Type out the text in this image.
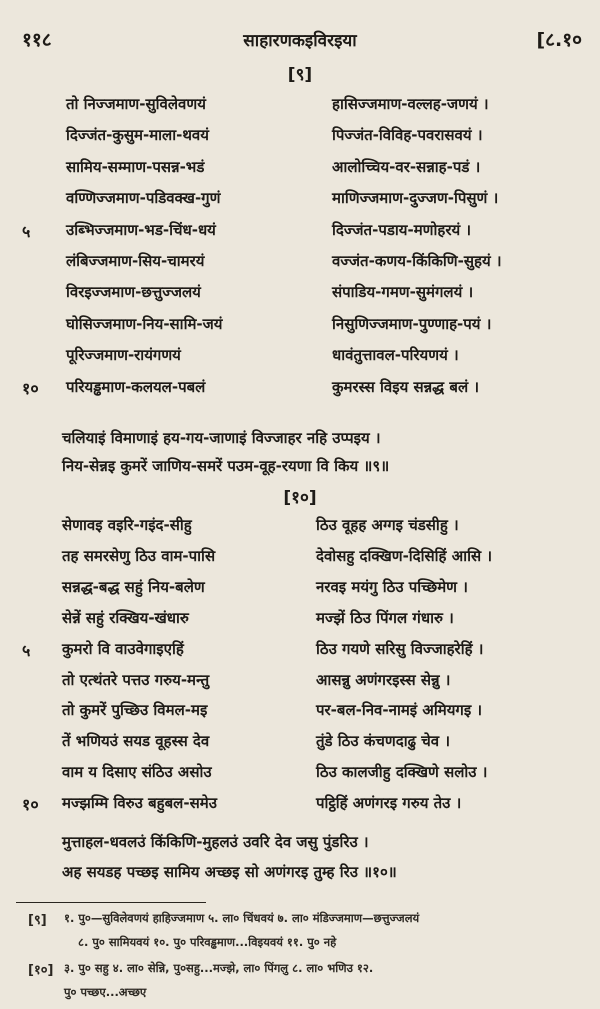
११८	साहारणकइविरइया	[८.१०
[९]
तो निज्जमाण-सुविलेवणयं	हासिज्जमाण-वल्लह-जणयं ।
दिज्जंत-कुसुम-माला-थवयं	पिज्जंत-विविह-पवरासवयं ।
सामिय-सम्माण-पसन्न-भडं	आलोच्चिय-वर-सन्नाह-पडं ।
वण्णिज्जमाण-पडिवक्ख-गुणं	माणिज्जमाण-दुज्जण-पिसुणं ।
५ उब्भिज्जमाण-भड-चिंध-धयं	दिज्जंत-पडाय-मणोहरयं ।
लंबिज्जमाण-सिय-चामरयं	वज्जंत-कणय-किंकिणि-सुहयं ।
विरइज्जमाण-छत्तुज्जलयं	संपाडिय-गमण-सुमंगलयं ।
घोसिज्जमाण-निय-सामि-जयं	निसुणिज्जमाण-पुण्णाह-पयं ।
पूरिज्जमाण-रायंगणयं	धावंतुत्तावल-परियणयं ।
१० परियड्ढमाण-कलयल-पबलं	कुमरस्स विइय सन्नद्ध बलं ।
चलियाइं विमाणाइं हय-गय-जाणाइं विज्जाहर नहि उप्पइय ।
निय-सेन्नइ कुमरें जाणिय-समरें पउम-वूह-रयणा वि किय ॥९॥
[१०]
सेणावइ वइरि-गइंद-सीहु	ठिउ वूहह अग्गइ चंडसीहु ।
तह समरसेणु ठिउ वाम-पासि	देवोसहु दक्खिण-दिसिहिं आसि ।
सन्नद्ध-बद्ध सहुं निय-बलेण	नरवइ मयंगु ठिउ पच्छिमेण ।
सेन्नें सहुं रक्खिय-खंधारु	मज्झें ठिउ पिंगल गंधारु ।
५ कुमरो वि वाउवेगाइएहिं	ठिउ गयणे सरिसु विज्जाहरेहिं ।
तो एत्थंतरे पत्तउ गरुय-मन्तु	आसन्नु अणंगरइस्स सेन्नु ।
तो कुमरें पुच्छिउ विमल-मइ	पर-बल-निव-नामइं अमियगइ ।
तें भणियउं सयड वूहस्स देव	तुंडे ठिउ कंचणदाढु चेव ।
वाम य दिसाए संठिउ असोउ	ठिउ कालजीहु दक्खिणे सलोउ ।
१० मज्झम्मि विरुउ बहुबल-समेउ	पट्ठिहिं अणंगरइ गरुय तेउ ।
मुत्ताहल-धवलउं किंकिणि-मुहलउं उवरि देव जसु पुंडरिउ ।
अह सयडह पच्छइ सामिय अच्छइ सो अणंगरइ तुम्ह रिउ ॥१०॥
[९] १. पु०—सुविलेवणयं हाहिज्जमाण ५. ला० चिंधवयं ७. ला० मंडिज्जमाण—छत्तुज्जलयं
८. पु० सामियवयं १०. पु० परिवड्ढमाण...विइयवयं ११. पु० नहे
[१०] ३. पु० सहु ४. ला० सेन्नि, पु०सहु...मज्झे, ला० पिंगलु ८. ला० भणिउ १२.
पु० पच्छए...अच्छए
